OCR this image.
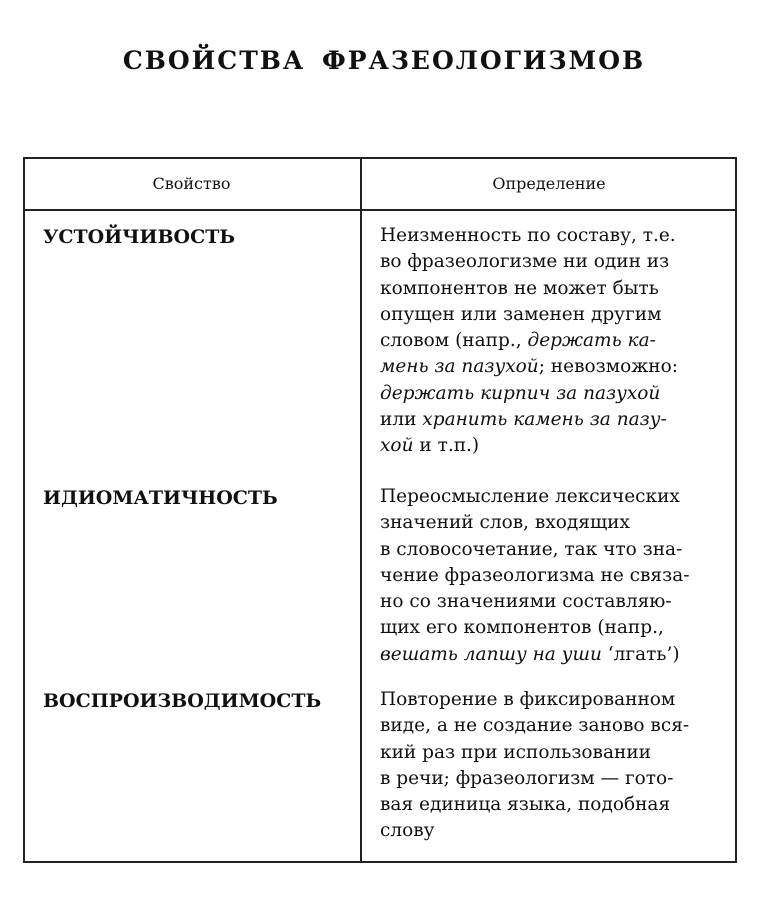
СВОЙСТВА ФРАЗЕОЛОГИЗМОВ
Свойство	Определение
УСТОЙЧИВОСТЬ	Неизменность по составу, т.е.
во фразеологизме ни один из
компонентов не может быть
опущен или заменен другим
словом (напр., держать ка-
мень за пазухой; невозможно:
держать кирпич за пазухой
или хранить камень за пазу-
хой и т.п.)
ИДИОМАТИЧНОСТЬ	Переосмысление лексических
значений слов, входящих
в словосочетание, так что зна-
чение фразеологизма не связа-
но со значениями составляю-
щих его компонентов (напр.,
вешать лапшу на уши ‘лгать’)
ВОСПРОИЗВОДИМОСТЬ	Повторение в фиксированном
виде, а не создание заново вся-
кий раз при использовании
в речи; фразеологизм — гото-
вая единица языка, подобная
слову
